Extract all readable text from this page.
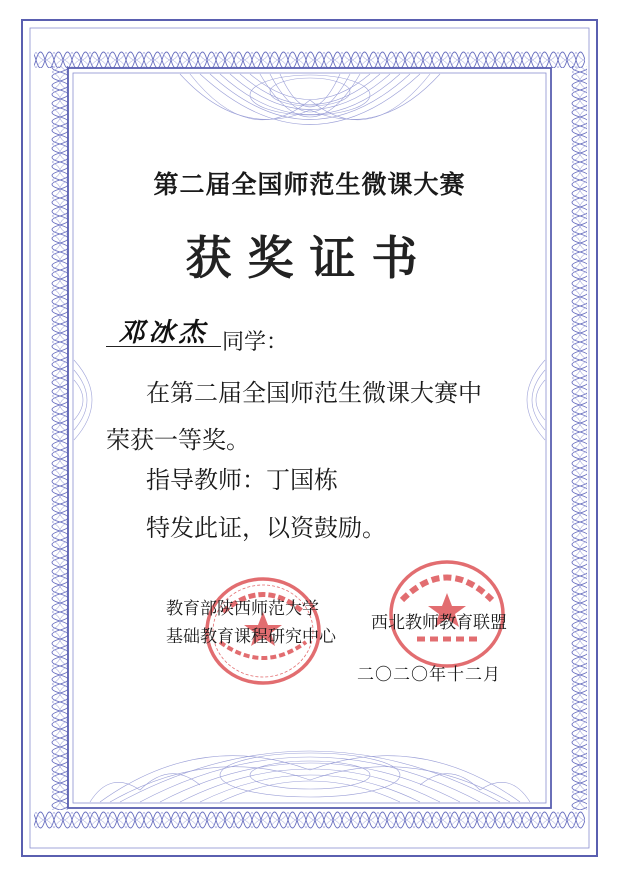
第二届全国师范生微课大赛
获奖证书
邓冰杰 同学：
在第二届全国师范生微课大赛中
荣获一等奖。
指导教师：丁国栋
特发此证，以资鼓励。
教育部陕西师范大学
基础教育课程研究中心
西北教师教育联盟
二〇二〇年十二月
